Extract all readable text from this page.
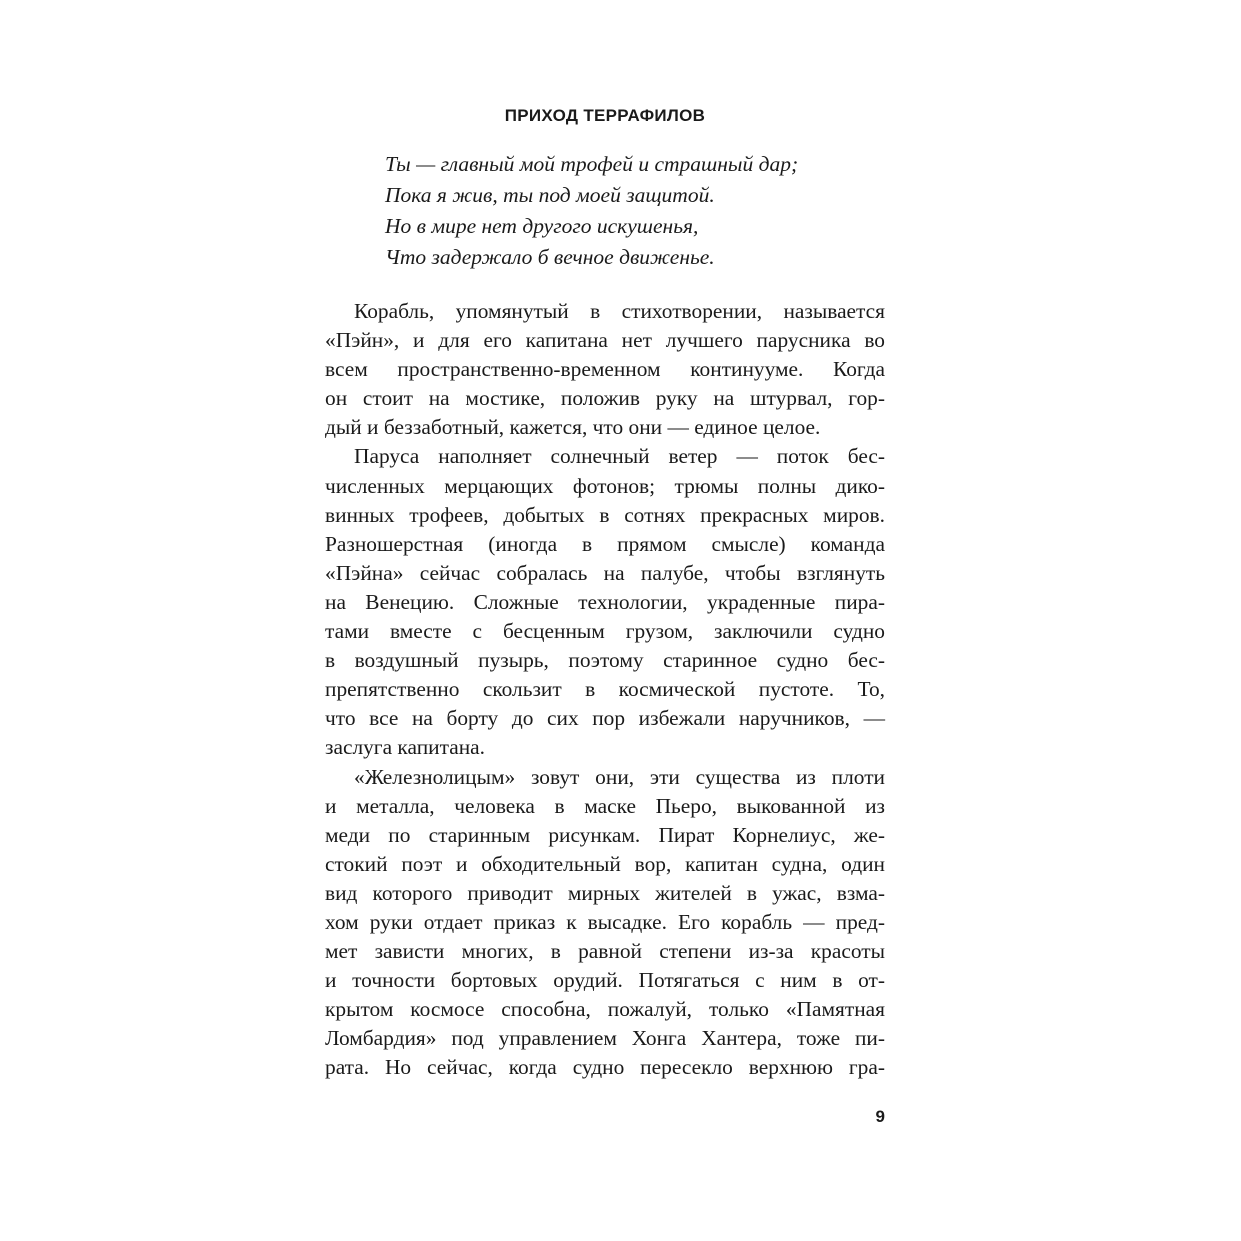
ПРИХОД ТЕРРАФИЛОВ
Ты — главный мой трофей и страшный дар;
Пока я жив, ты под моей защитой.
Но в мире нет другого искушенья,
Что задержало б вечное движенье.
Корабль, упомянутый в стихотворении, называется
«Пэйн», и для его капитана нет лучшего парусника во
всем пространственно-временном континууме. Когда
он стоит на мостике, положив руку на штурвал, гор-
дый и беззаботный, кажется, что они — единое целое.
Паруса наполняет солнечный ветер — поток бес-
численных мерцающих фотонов; трюмы полны дико-
винных трофеев, добытых в сотнях прекрасных миров.
Разношерстная (иногда в прямом смысле) команда
«Пэйна» сейчас собралась на палубе, чтобы взглянуть
на Венецию. Сложные технологии, украденные пира-
тами вместе с бесценным грузом, заключили судно
в воздушный пузырь, поэтому старинное судно бес-
препятственно скользит в космической пустоте. То,
что все на борту до сих пор избежали наручников, —
заслуга капитана.
«Железнолицым» зовут они, эти существа из плоти
и металла, человека в маске Пьеро, выкованной из
меди по старинным рисункам. Пират Корнелиус, же-
стокий поэт и обходительный вор, капитан судна, один
вид которого приводит мирных жителей в ужас, взма-
хом руки отдает приказ к высадке. Его корабль — пред-
мет зависти многих, в равной степени из-за красоты
и точности бортовых орудий. Потягаться с ним в от-
крытом космосе способна, пожалуй, только «Памятная
Ломбардия» под управлением Хонга Хантера, тоже пи-
рата. Но сейчас, когда судно пересекло верхнюю гра-
9
